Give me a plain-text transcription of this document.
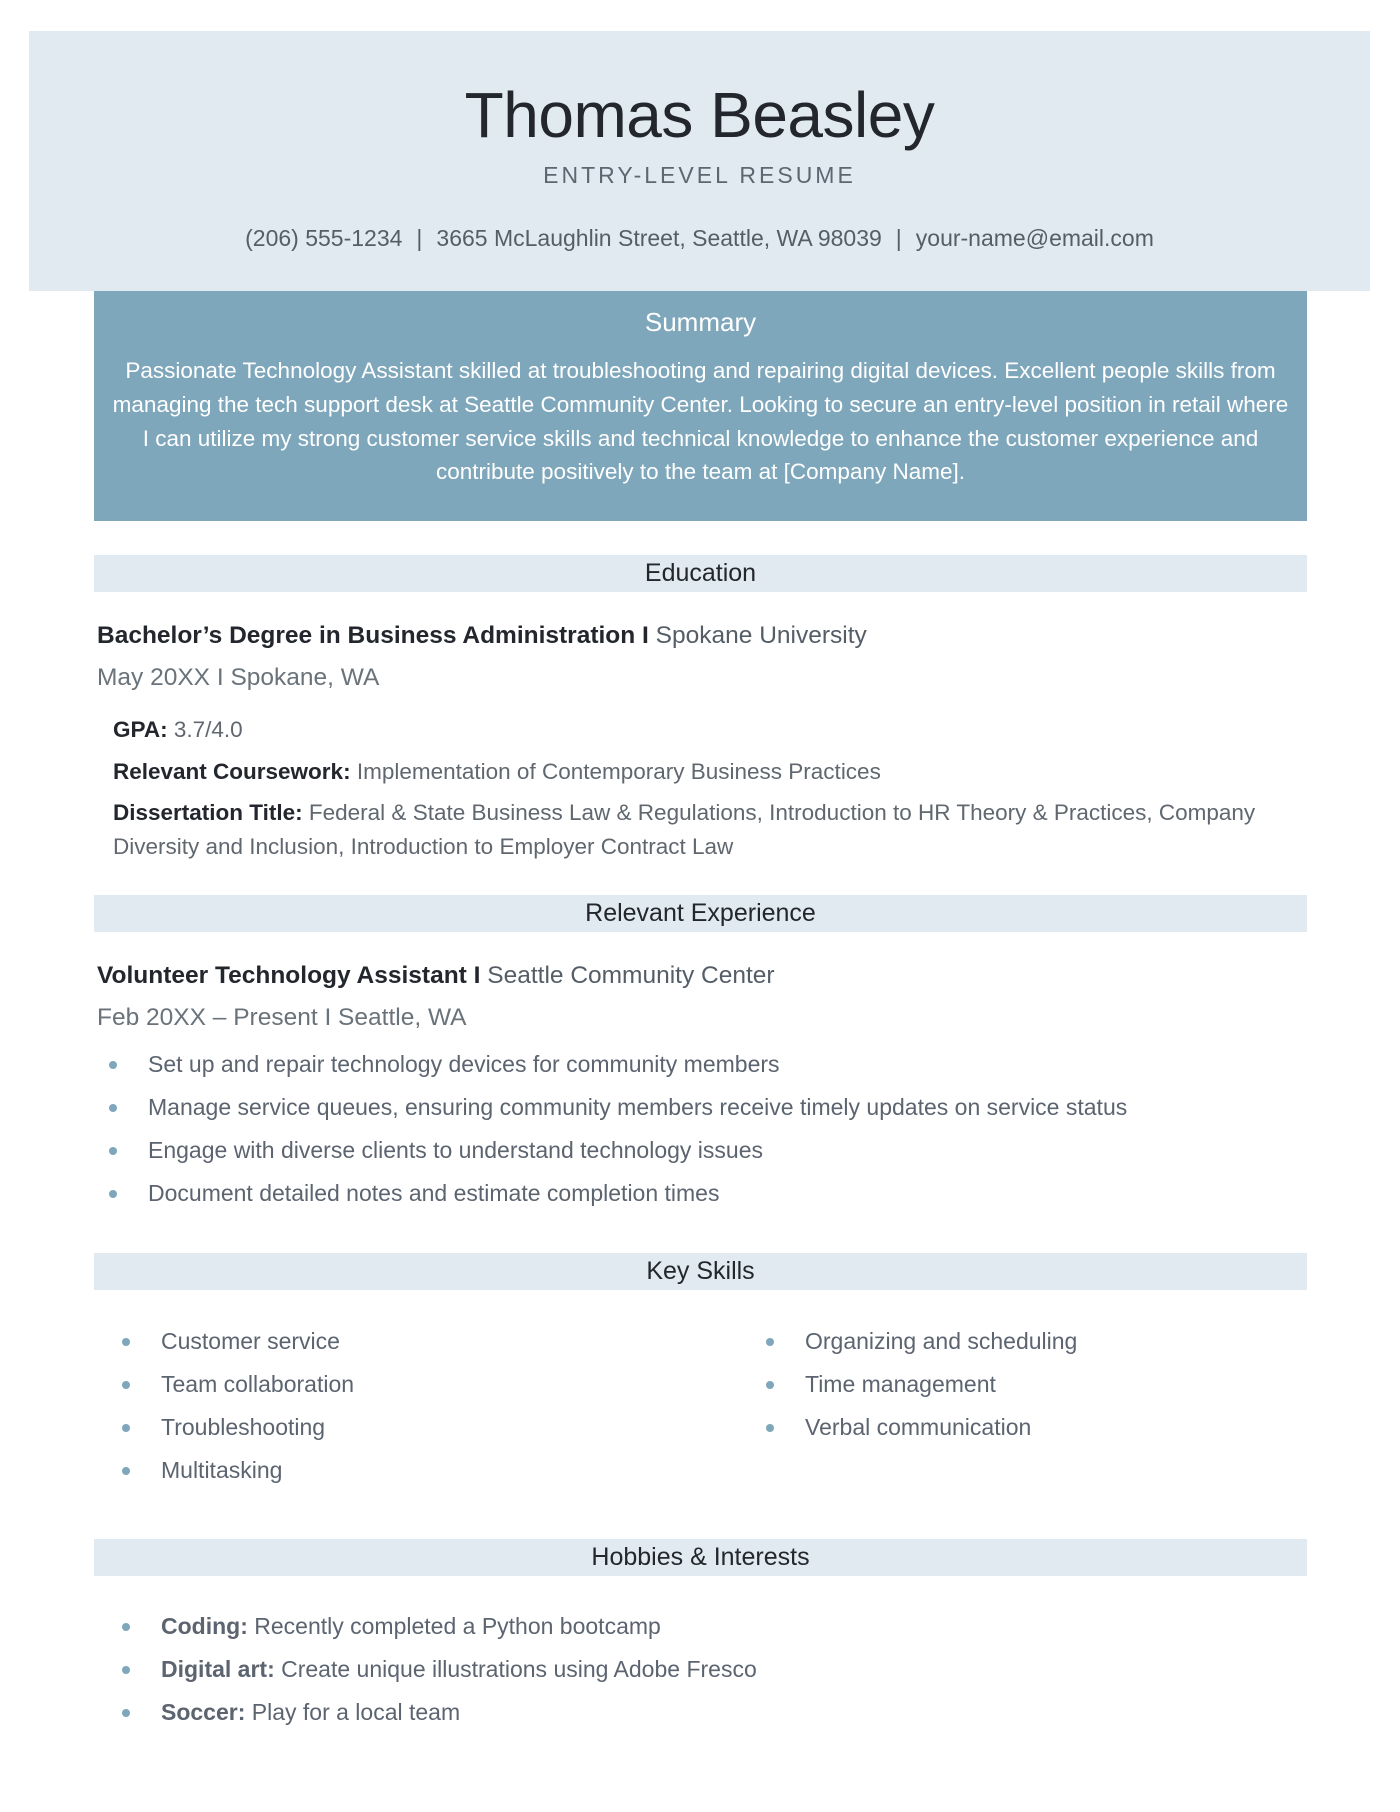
Thomas Beasley
ENTRY-LEVEL RESUME
(206) 555-1234 | 3665 McLaughlin Street, Seattle, WA 98039 | your-name@email.com
Summary
Passionate Technology Assistant skilled at troubleshooting and repairing digital devices. Excellent people skills from managing the tech support desk at Seattle Community Center. Looking to secure an entry-level position in retail where I can utilize my strong customer service skills and technical knowledge to enhance the customer experience and contribute positively to the team at [Company Name].
Education
Bachelor’s Degree in Business Administration I Spokane University
May 20XX I Spokane, WA
GPA: 3.7/4.0
Relevant Coursework: Implementation of Contemporary Business Practices
Dissertation Title: Federal & State Business Law & Regulations, Introduction to HR Theory & Practices, Company Diversity and Inclusion, Introduction to Employer Contract Law
Relevant Experience
Volunteer Technology Assistant I Seattle Community Center
Feb 20XX – Present I Seattle, WA
Set up and repair technology devices for community members
Manage service queues, ensuring community members receive timely updates on service status
Engage with diverse clients to understand technology issues
Document detailed notes and estimate completion times
Key Skills
Customer service
Team collaboration
Troubleshooting
Multitasking
Organizing and scheduling
Time management
Verbal communication
Hobbies & Interests
Coding: Recently completed a Python bootcamp
Digital art: Create unique illustrations using Adobe Fresco
Soccer: Play for a local team
